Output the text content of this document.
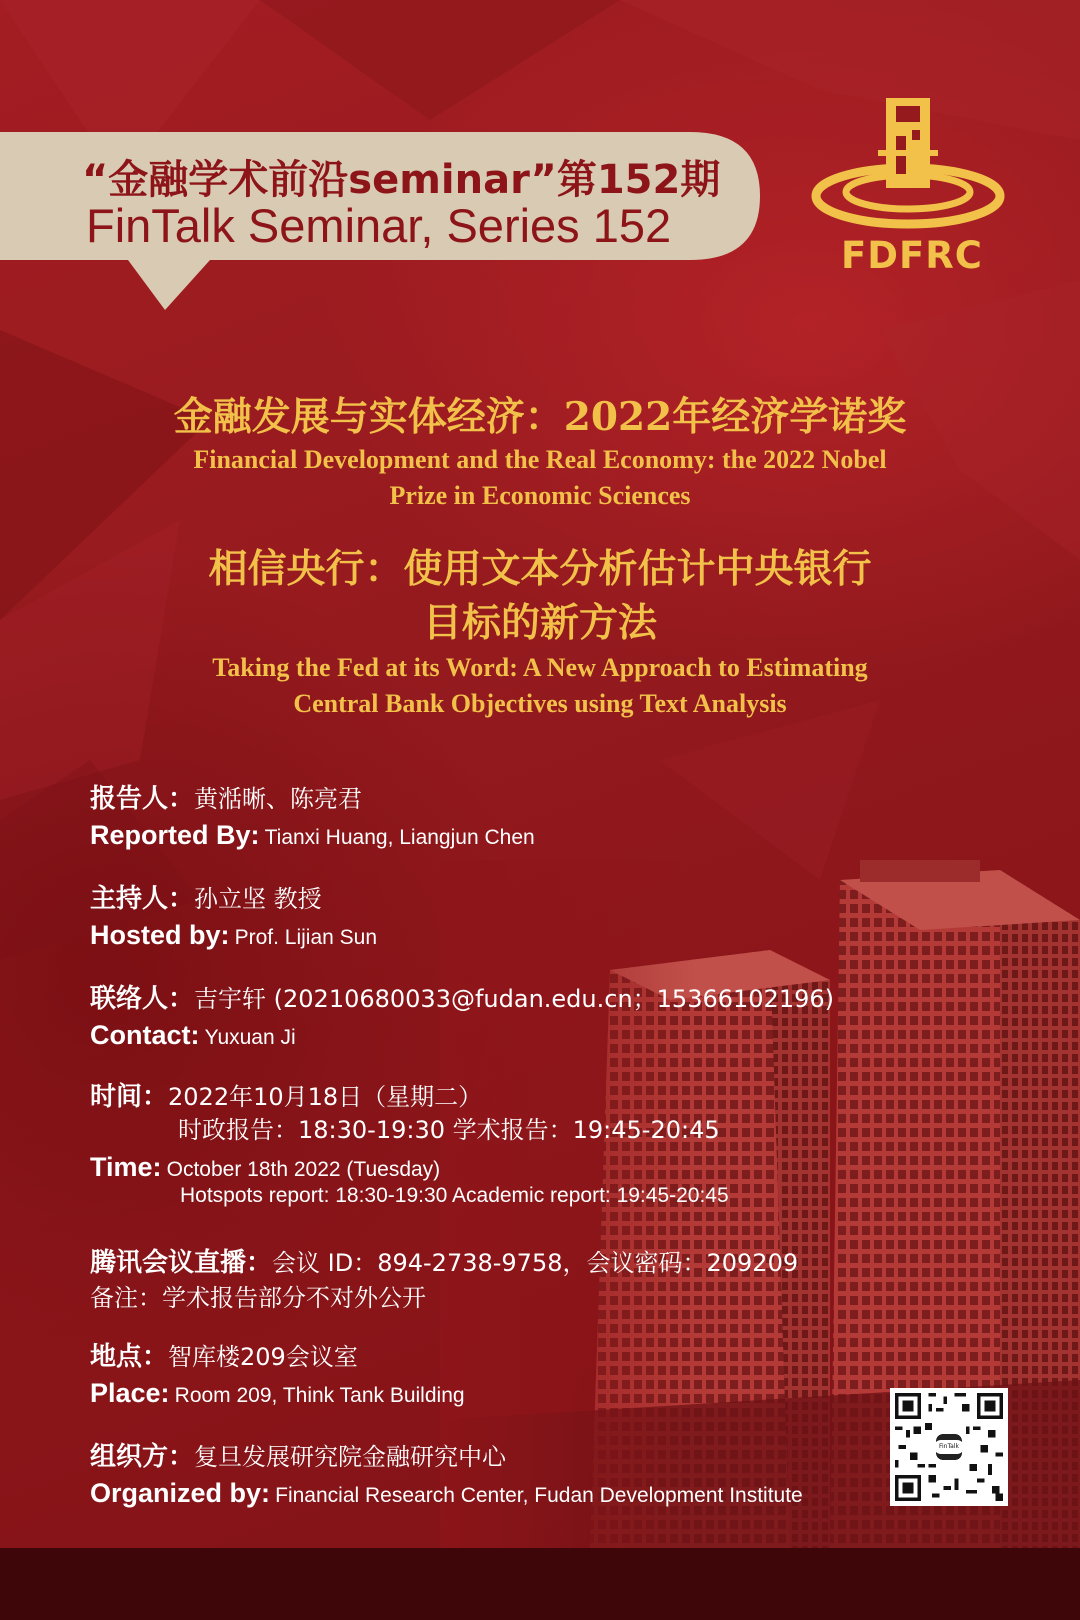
“金融学术前沿seminar”第152期
FinTalk Seminar, Series 152
FDFRC
金融发展与实体经济：2022年经济学诺奖
Financial Development and the Real Economy: the 2022 Nobel
Prize in Economic Sciences
相信央行：使用文本分析估计中央银行
目标的新方法
Taking the Fed at its Word: A New Approach to Estimating
Central Bank Objectives using Text Analysis
报告人：黄湉晰、陈亮君
Reported By: Tianxi Huang, Liangjun Chen
主持人：孙立坚 教授
Hosted by: Prof. Lijian Sun
联络人：吉宇轩 (20210680033@fudan.edu.cn；15366102196)
Contact: Yuxuan Ji
时间：2022年10月18日（星期二）
时政报告：18:30-19:30 学术报告：19:45-20:45
Time: October 18th 2022 (Tuesday)
Hotspots report: 18:30-19:30 Academic report: 19:45-20:45
腾讯会议直播：会议 ID：894-2738-9758，会议密码：209209
备注：学术报告部分不对外公开
地点：智库楼209会议室
Place: Room 209, Think Tank Building
组织方：复旦发展研究院金融研究中心
Organized by: Financial Research Center, Fudan Development Institute
FinTalk
